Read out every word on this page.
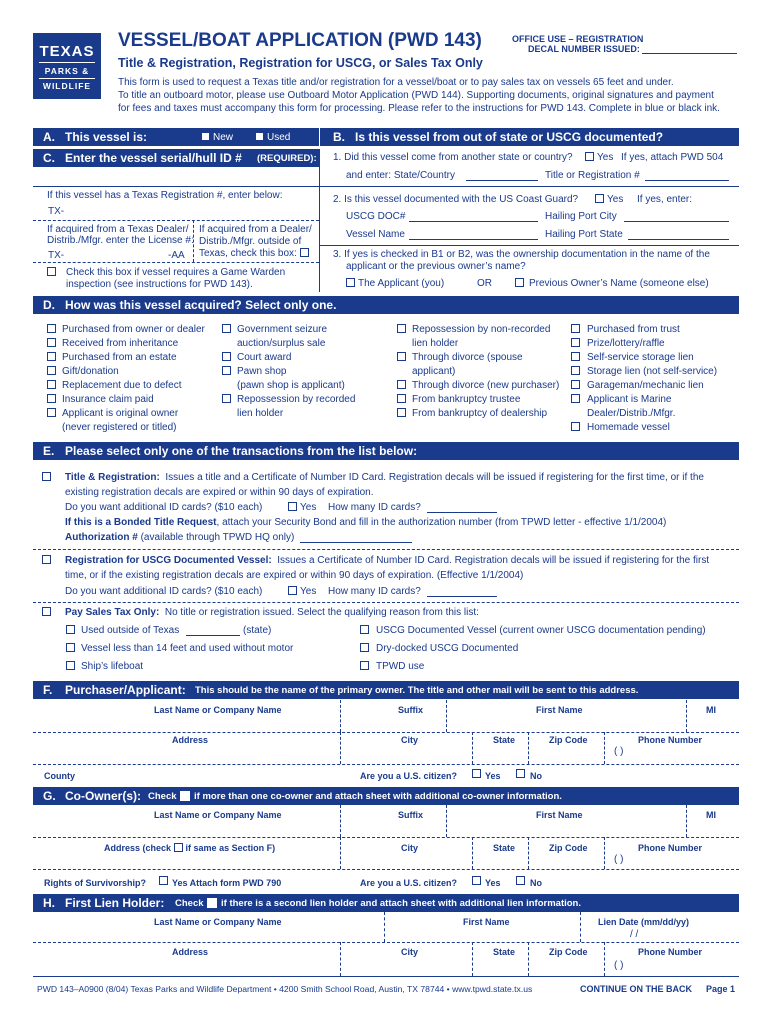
TEXAS
PARKS &
WILDLIFE
VESSEL/BOAT APPLICATION (PWD 143)
Title & Registration, Registration for USCG, or Sales Tax Only
OFFICE USE – REGISTRATION
DECAL NUMBER ISSUED:
This form is used to request a Texas title and/or registration for a vessel/boat or to pay sales tax on vessels 65 feet and under.
To title an outboard motor, please use Outboard Motor Application (PWD 144). Supporting documents, original signatures and payment
for fees and taxes must accompany this form for processing. Please refer to the instructions for PWD 143. Complete in blue or black ink.
A. This vessel is:	New	Used	B. Is this vessel from out of state or USCG documented?
C. Enter the vessel serial/hull ID # (REQUIRED):
If this vessel has a Texas Registration #, enter below:
TX-
If acquired from a Texas Dealer/
Distrib./Mfgr. enter the License #:
If acquired from a Dealer/
Distrib./Mfgr. outside of
Texas, check this box:
TX-	-AA
Check this box if vessel requires a Game Warden
inspection (see instructions for PWD 143).
1. Did this vessel come from another state or country? Yes If yes, attach PWD 504
and enter: State/Country	Title or Registration #
2. Is this vessel documented with the US Coast Guard?	Yes If yes, enter:
USCG DOC#	Hailing Port City
Vessel Name	Hailing Port State
3. If yes is checked in B1 or B2, was the ownership documentation in the name of the
applicant or the previous owner’s name?
The Applicant (you)	OR	Previous Owner’s Name (someone else)
D. How was this vessel acquired? Select only one.
Purchased from owner or dealer
Received from inheritance
Purchased from an estate
Gift/donation
Replacement due to defect
Insurance claim paid
Applicant is original owner
(never registered or titled)
Government seizure
auction/surplus sale
Court award
Pawn shop
(pawn shop is applicant)
Repossession by recorded
lien holder
Repossession by non-recorded
lien holder
Through divorce (spouse
applicant)
Through divorce (new purchaser)
From bankruptcy trustee
From bankruptcy of dealership
Purchased from trust
Prize/lottery/raffle
Self-service storage lien
Storage lien (not self-service)
Garageman/mechanic lien
Applicant is Marine
Dealer/Distrib./Mfgr.
Homemade vessel
E. Please select only one of the transactions from the list below:
Title & Registration: Issues a title and a Certificate of Number ID Card. Registration decals will be issued if registering for the first time, or if the
existing registration decals are expired or within 90 days of expiration.
Do you want additional ID cards? ($10 each)	Yes How many ID cards?
If this is a Bonded Title Request, attach your Security Bond and fill in the authorization number (from TPWD letter - effective 1/1/2004)
Authorization # (available through TPWD HQ only)
Registration for USCG Documented Vessel: Issues a Certificate of Number ID Card. Registration decals will be issued if registering for the first
time, or if the existing registration decals are expired or within 90 days of expiration. (Effective 1/1/2004)
Do you want additional ID cards? ($10 each)	Yes How many ID cards?
Pay Sales Tax Only: No title or registration issued. Select the qualifying reason from this list:
Used outside of Texas	(state)
Vessel less than 14 feet and used without motor
Ship’s lifeboat
USCG Documented Vessel (current owner USCG documentation pending)
Dry-docked USCG Documented
TPWD use
F. Purchaser/Applicant: This should be the name of the primary owner. The title and other mail will be sent to this address.
Last Name or Company Name	Suffix	First Name	MI
Address	City	State	Zip Code	Phone Number
( )
County	Are you a U.S. citizen?	Yes	No
G. Co-Owner(s): Check if more than one co-owner and attach sheet with additional co-owner information.
Last Name or Company Name	Suffix	First Name	MI
Address (check if same as Section F)	City	State	Zip Code	Phone Number
( )
Rights of Survivorship?	Yes Attach form PWD 790	Are you a U.S. citizen?	Yes	No
H. First Lien Holder: Check if there is a second lien holder and attach sheet with additional lien information.
Last Name or Company Name	First Name	Lien Date (mm/dd/yy)
/ /
Address	City	State	Zip Code	Phone Number
( )
PWD 143–A0900 (8/04) Texas Parks and Wildlife Department • 4200 Smith School Road, Austin, TX 78744 • www.tpwd.state.tx.us	CONTINUE ON THE BACK Page 1
